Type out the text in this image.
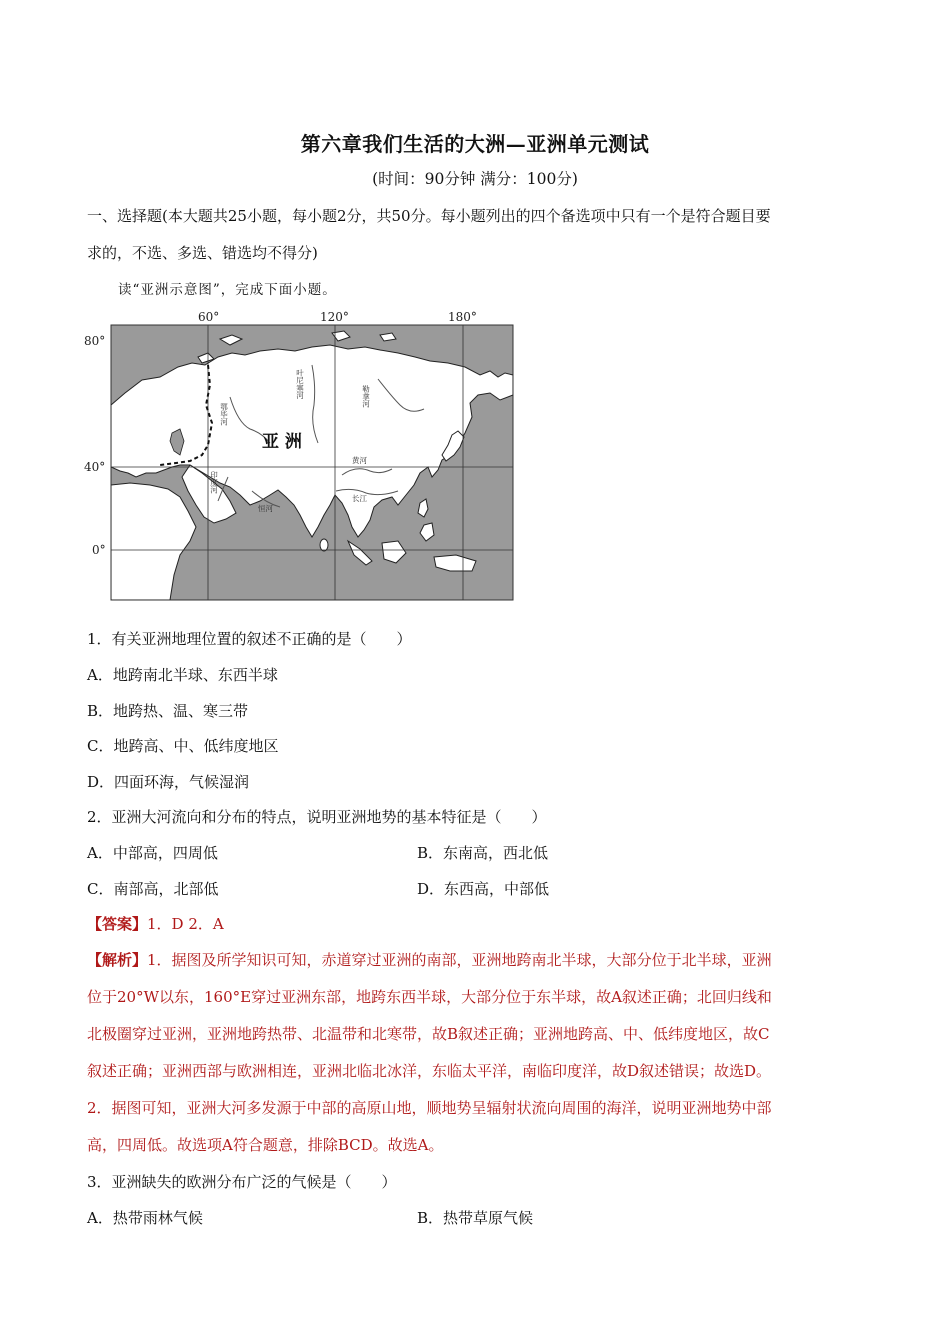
第六章我们生活的大洲—亚洲单元测试
(时间：90分钟 满分：100分)
一、选择题(本大题共25小题，每小题2分，共50分。每小题列出的四个备选项中只有一个是符合题目要
求的，不选、多选、错选均不得分)
读“亚洲示意图”，完成下面小题。
60°	120°	180°
80°
40°
0°
亚 洲
叶尼塞河
鄂毕河
勒拿河
印度河
恒河
黄河
长江
1．有关亚洲地理位置的叙述不正确的是（　　）
A．地跨南北半球、东西半球
B．地跨热、温、寒三带
C．地跨高、中、低纬度地区
D．四面环海，气候湿润
2．亚洲大河流向和分布的特点，说明亚洲地势的基本特征是（　　）
A．中部高，四周低	B．东南高，西北低
C．南部高，北部低	D．东西高，中部低
【答案】1．D 2．A
【解析】1．据图及所学知识可知，赤道穿过亚洲的南部，亚洲地跨南北半球，大部分位于北半球，亚洲
位于20°W以东，160°E穿过亚洲东部，地跨东西半球，大部分位于东半球，故A叙述正确；北回归线和
北极圈穿过亚洲，亚洲地跨热带、北温带和北寒带，故B叙述正确；亚洲地跨高、中、低纬度地区，故C
叙述正确；亚洲西部与欧洲相连，亚洲北临北冰洋，东临太平洋，南临印度洋，故D叙述错误；故选D。
2．据图可知，亚洲大河多发源于中部的高原山地，顺地势呈辐射状流向周围的海洋，说明亚洲地势中部
高，四周低。故选项A符合题意，排除BCD。故选A。
3．亚洲缺失的欧洲分布广泛的气候是（　　）
A．热带雨林气候	B．热带草原气候
